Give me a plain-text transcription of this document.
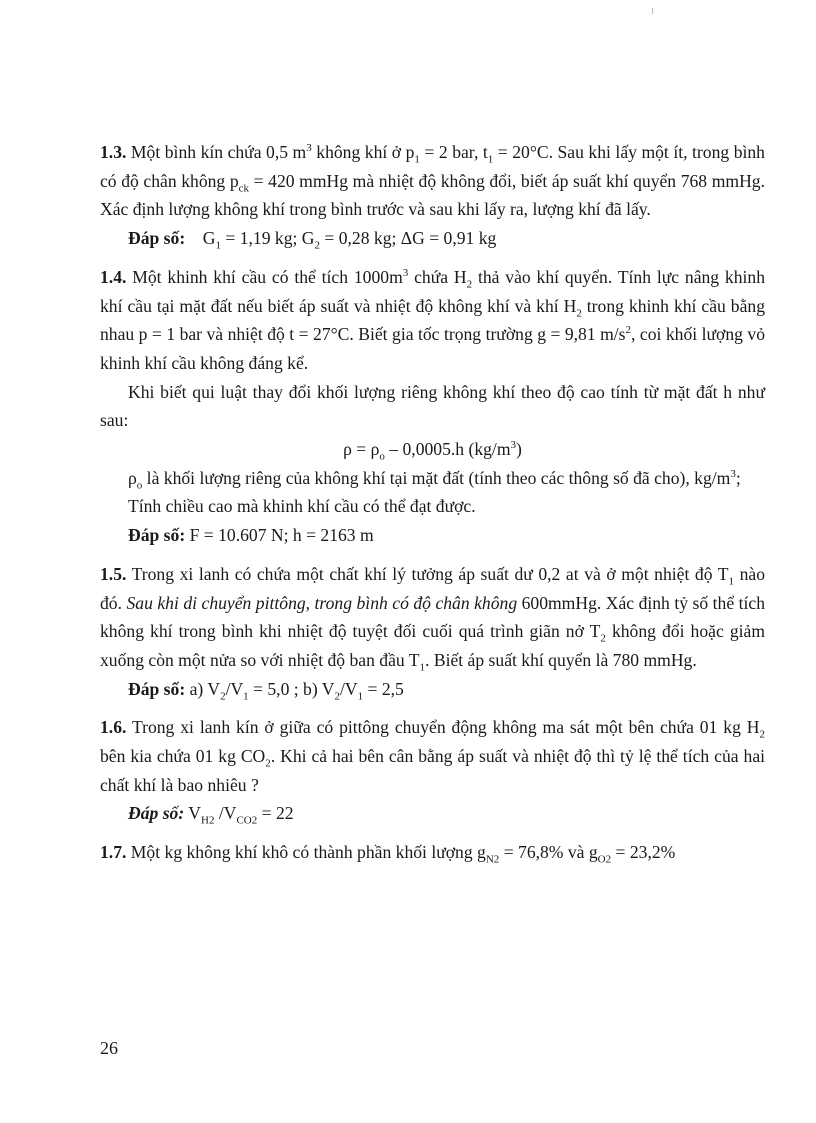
1.3. Một bình kín chứa 0,5 $m^3$ không khí ở $p_1 = 2$ bar, $t_1 = 20^\circ C$. Sau khi lấy một ít, trong bình có độ chân không $p_{ck} = 420$ mmHg mà nhiệt độ không đổi, biết áp suất khí quyển 768 mmHg. Xác định lượng không khí trong bình trước và sau khi lấy ra, lượng khí đã lấy.

Đáp số:    $G_1 = 1,19$ kg; $G_2 = 0,28$ kg; ΔG = 0,91 kg

1.4. Một khinh khí cầu có thể tích $1000m^3$ chứa $H_2$ thả vào khí quyển. Tính lực nâng khinh khí cầu tại mặt đất nếu biết áp suất và nhiệt độ không khí và khí $H_2$ trong khinh khí cầu bằng nhau p = 1 bar và nhiệt độ t = 27°C. Biết gia tốc trọng trường g = 9,81 $m/s^2$, coi khối lượng vỏ khinh khí cầu không đáng kể.

Khi biết qui luật thay đổi khối lượng riêng không khí theo độ cao tính từ mặt đất h như sau:

$\rho = \rho_o - 0,0005.h$ $(kg/m^3)$

$\rho_o$ là khối lượng riêng của không khí tại mặt đất (tính theo các thông số đã cho), $kg/m^3$;

Tính chiều cao mà khinh khí cầu có thể đạt được.

Đáp số: F = 10.607 N; h = 2163 m

1.5. Trong xi lanh có chứa một chất khí lý tưởng áp suất dư 0,2 at và ở một nhiệt độ $T_1$ nào đó. Sau khi di chuyển pittông, trong bình có độ chân không 600mmHg. Xác định tỷ số thể tích không khí trong bình khi nhiệt độ tuyệt đối cuối quá trình giãn nở $T_2$ không đổi hoặc giảm xuống còn một nửa so với nhiệt độ ban đầu $T_1$. Biết áp suất khí quyển là 780 mmHg.

Đáp số: a) $V_2/V_1 = 5,0$ ; b) $V_2/V_1 = 2,5$

1.6. Trong xi lanh kín ở giữa có pittông chuyển động không ma sát một bên chứa 01 kg $H_2$ bên kia chứa 01 kg $CO_2$. Khi cả hai bên cân bằng áp suất và nhiệt độ thì tỷ lệ thể tích của hai chất khí là bao nhiêu ?

Đáp số: $V_{H2}$ $/V_{CO2} = 22$

1.7. Một kg không khí khô có thành phần khối lượng $g_{N2} = 76,8\%$ và $g_{O2} = 23,2\%$

26
